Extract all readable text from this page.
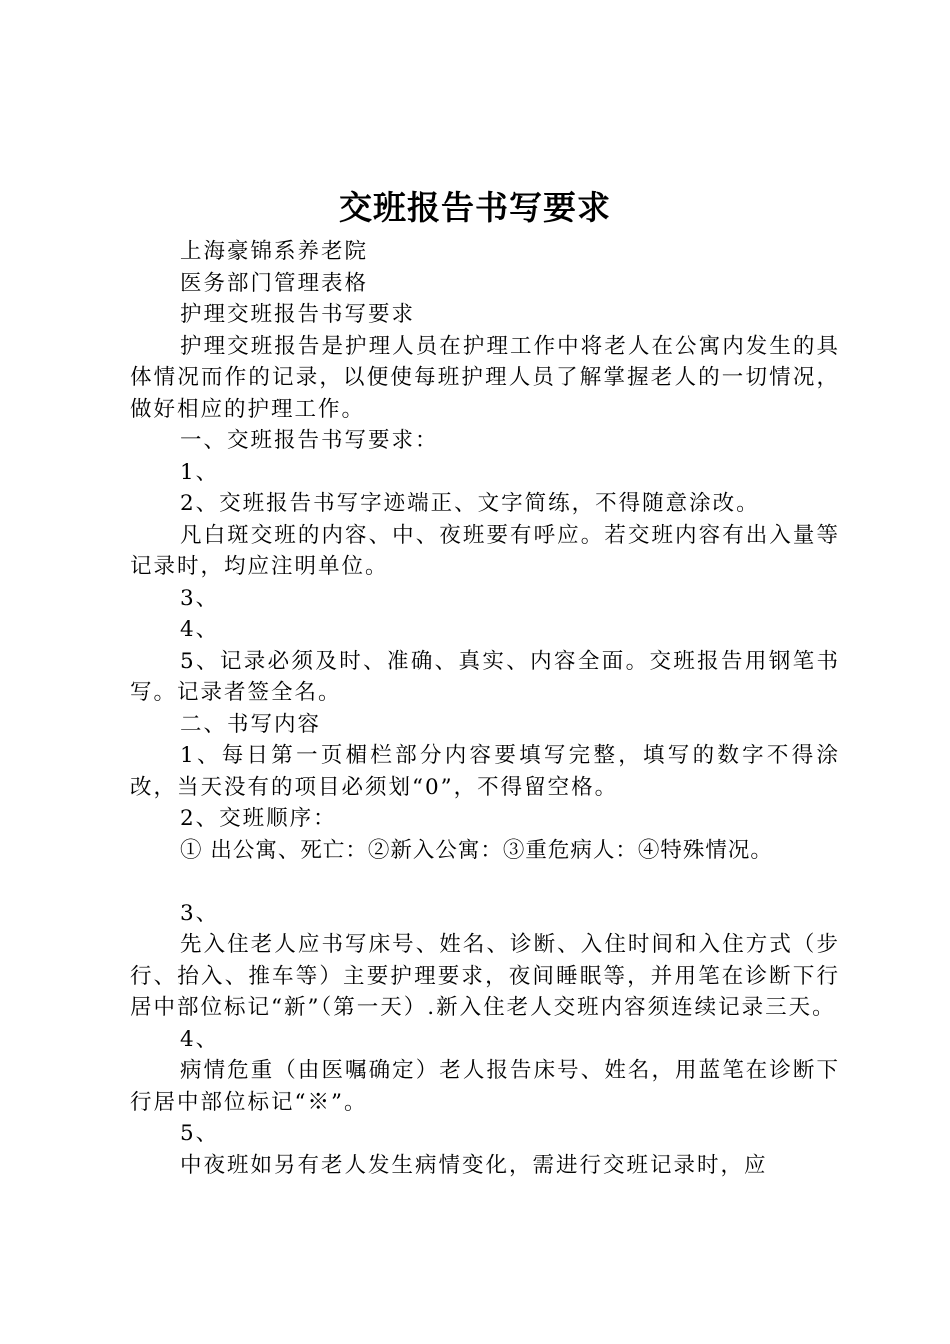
交班报告书写要求

上海豪锦系养老院

医务部门管理表格

护理交班报告书写要求

护理交班报告是护理人员在护理工作中将老人在公寓内发生的具体情况而作的记录，以便使每班护理人员了解掌握老人的一切情况，做好相应的护理工作。

一、交班报告书写要求：

1、

2、交班报告书写字迹端正、文字简练，不得随意涂改。

凡白斑交班的内容、中、夜班要有呼应。若交班内容有出入量等记录时，均应注明单位。

3、

4、

5、记录必须及时、准确、真实、内容全面。交班报告用钢笔书写。记录者签全名。

二、书写内容

1、每日第一页楣栏部分内容要填写完整，填写的数字不得涂改，当天没有的项目必须划“0”，不得留空格。

2、交班顺序：

① 出公寓、死亡：②新入公寓：③重危病人：④特殊情况。

3、

先入住老人应书写床号、姓名、诊断、入住时间和入住方式（步行、抬入、推车等）主要护理要求，夜间睡眠等，并用笔在诊断下行居中部位标记“新”（第一天）.新入住老人交班内容须连续记录三天。

4、

病情危重（由医嘱确定）老人报告床号、姓名，用蓝笔在诊断下行居中部位标记“※”。

5、

中夜班如另有老人发生病情变化，需进行交班记录时，应
